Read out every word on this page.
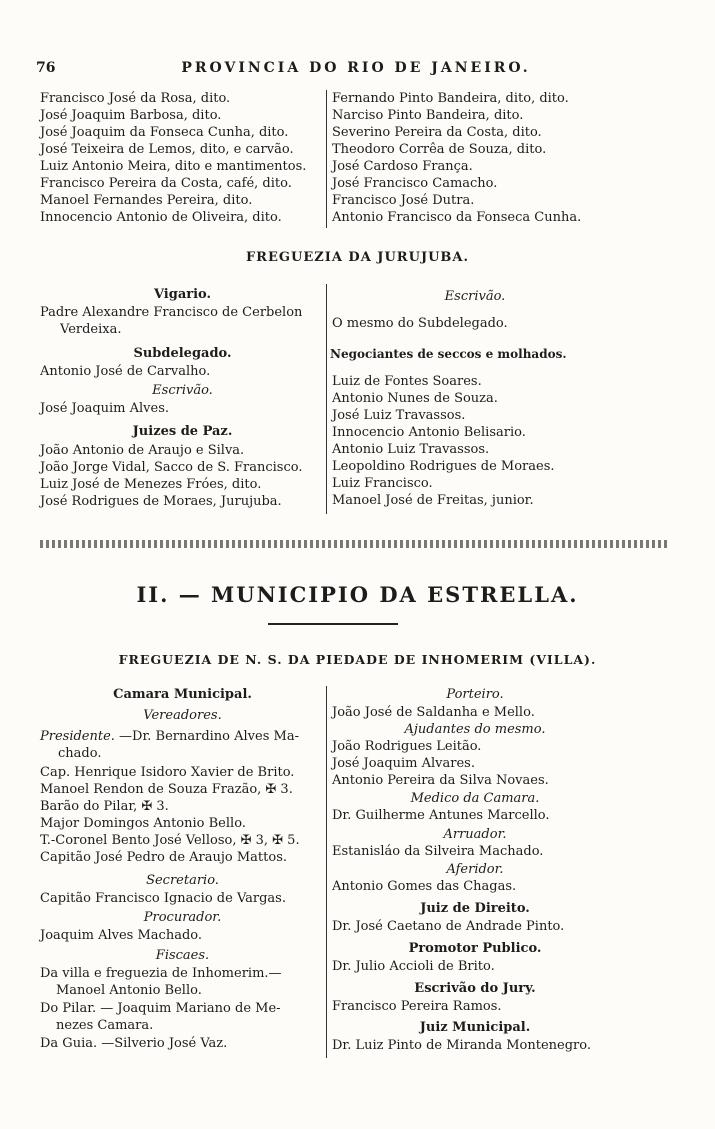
76	PROVINCIA DO RIO DE JANEIRO.
Francisco José da Rosa, dito.
José Joaquim Barbosa, dito.
José Joaquim da Fonseca Cunha, dito.
José Teixeira de Lemos, dito, e carvão.
Luiz Antonio Meira, dito e mantimentos.
Francisco Pereira da Costa, café, dito.
Manoel Fernandes Pereira, dito.
Innocencio Antonio de Oliveira, dito.
Fernando Pinto Bandeira, dito, dito.
Narciso Pinto Bandeira, dito.
Severino Pereira da Costa, dito.
Theodoro Corrêa de Souza, dito.
José Cardoso França.
José Francisco Camacho.
Francisco José Dutra.
Antonio Francisco da Fonseca Cunha.
FREGUEZIA DA JURUJUBA.
Vigario.
Padre Alexandre Francisco de Cerbelon
Verdeixa.
Subdelegado.
Antonio José de Carvalho.
Escrivão.
José Joaquim Alves.
Juizes de Paz.
João Antonio de Araujo e Silva.
João Jorge Vidal, Sacco de S. Francisco.
Luiz José de Menezes Fróes, dito.
José Rodrigues de Moraes, Jurujuba.
Escrivão.
O mesmo do Subdelegado.
Negociantes de seccos e molhados.
Luiz de Fontes Soares.
Antonio Nunes de Souza.
José Luiz Travassos.
Innocencio Antonio Belisario.
Antonio Luiz Travassos.
Leopoldino Rodrigues de Moraes.
Luiz Francisco.
Manoel José de Freitas, junior.
II. — MUNICIPIO DA ESTRELLA.
FREGUEZIA DE N. S. DA PIEDADE DE INHOMERIM (VILLA).
Camara Municipal.
Vereadores.
Presidente. —Dr. Bernardino Alves Ma-
chado.
Cap. Henrique Isidoro Xavier de Brito.
Manoel Rendon de Souza Frazão, ✠ 3.
Barão do Pilar, ✠ 3.
Major Domingos Antonio Bello.
T.-Coronel Bento José Velloso, ✠ 3, ✠ 5.
Capitão José Pedro de Araujo Mattos.
Secretario.
Capitão Francisco Ignacio de Vargas.
Procurador.
Joaquim Alves Machado.
Fiscaes.
Da villa e freguezia de Inhomerim.—
Manoel Antonio Bello.
Do Pilar. — Joaquim Mariano de Me-
nezes Camara.
Da Guia. —Silverio José Vaz.
Porteiro.
João José de Saldanha e Mello.
Ajudantes do mesmo.
João Rodrigues Leitão.
José Joaquim Alvares.
Antonio Pereira da Silva Novaes.
Medico da Camara.
Dr. Guilherme Antunes Marcello.
Arruador.
Estanisláo da Silveira Machado.
Aferidor.
Antonio Gomes das Chagas.
Juiz de Direito.
Dr. José Caetano de Andrade Pinto.
Promotor Publico.
Dr. Julio Accioli de Brito.
Escrivão do Jury.
Francisco Pereira Ramos.
Juiz Municipal.
Dr. Luiz Pinto de Miranda Montenegro.
